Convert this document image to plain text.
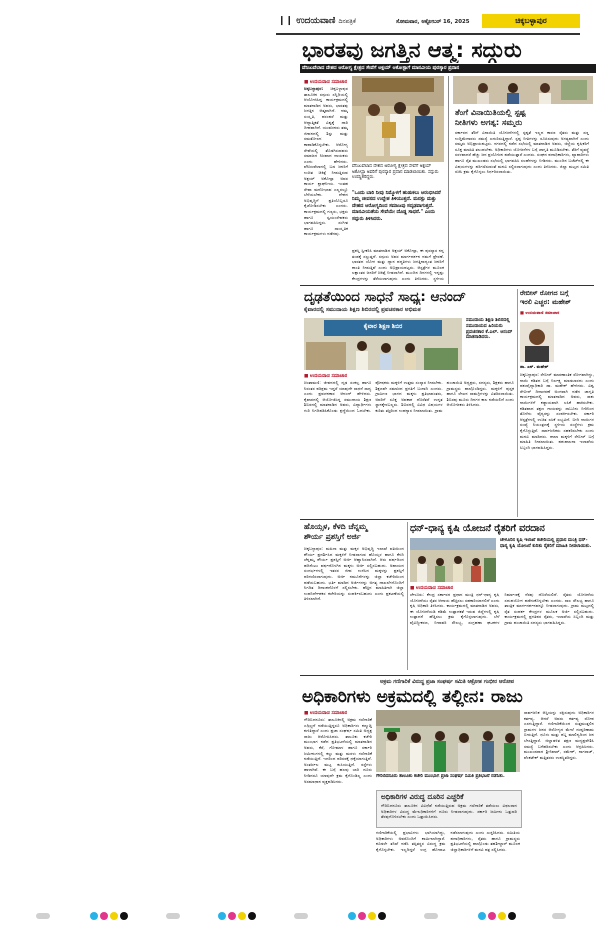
❙❙ ಉದಯವಾಣಿ ದಿನಪತ್ರಿಕೆ	ಸೋಮವಾರ, ಅಕ್ಟೋಬರ್ 16, 2025	ಚಿಕ್ಕಬಳ್ಳಾಪುರ
ಭಾರತವು ಜಗತ್ತಿನ ಆತ್ಮ: ಸದ್ಗುರು
ವೆನಿಜುವೆಲಾದ ದೇಶದ ಆರೋಗ್ಯ ಕ್ಷೇತ್ರದ ಸೇವೆಗೆ ಅಕ್ಷಯ್ ಅಕೋಸ್ಟಾಗೆ ಮಾನವೀಯ ಪುರಸ್ಕಾರ ಪ್ರದಾನ
■ ಉದಯವಾಣಿ ಸಮಾಚಾರ
ಚಿಕ್ಕಬಳ್ಳಾಪುರ: ಚಿಕ್ಕಬಳ್ಳಾಪುರ ತಾಲೂಕಿನ ಸದ್ಗುರು ಸನ್ನಿಧಿಯಲ್ಲಿ ಆಯೋಜಿಸಿದ್ದ ಕಾರ್ಯಕ್ರಮದಲ್ಲಿ ಮಾತನಾಡಿದ ಅವರು, ಭಾರತವು ಜಗತ್ತಿನ ಆತ್ಮವಾಗಿದೆ. ನಮ್ಮ ಸಂಸ್ಕೃತಿ, ಪರಂಪರೆ ಮತ್ತು ಆಧ್ಯಾತ್ಮಿಕತೆ ವಿಶ್ವಕ್ಕೆ ದಾರಿ ದೀಪವಾಗಿದೆ. ಯುವಜನರು ತಮ್ಮ ಜೀವನದಲ್ಲಿ ಶಿಸ್ತು ಮತ್ತು ಸಮತೋಲನ ಕಾಪಾಡಿಕೊಳ್ಳಬೇಕು. ಆರೋಗ್ಯ ಸೇವೆಯಲ್ಲಿ ತೊಡಗಿರುವವರು ಸಮಾಜದ ನಿಜವಾದ ನಾಯಕರು ಎಂದು ಹೇಳಿದರು. ವೆನಿಜುವೆಲಾದಲ್ಲಿ ಬಡ ಜನರಿಗೆ ಉಚಿತ ಚಿಕಿತ್ಸೆ ನೀಡುತ್ತಿರುವ ಅಕ್ಷಯ್ ಅಕೋಸ್ಟಾ ಅವರ ಕಾರ್ಯ ಶ್ಲಾಘನೀಯ. ಇಂತಹ ಸೇವಾ ಮನೋಭಾವ ಎಲ್ಲರಲ್ಲೂ ಬೆಳೆಯಬೇಕು. ದೇಶದ ಅಭಿವೃದ್ಧಿಗೆ ಪ್ರತಿಯೊಬ್ಬರೂ ಕೈಜೋಡಿಸಬೇಕು ಎಂದರು. ಕಾರ್ಯಕ್ರಮದಲ್ಲಿ ಗಣ್ಯರು, ಭಕ್ತರು ಹಾಗೂ ಸ್ವಯಂಸೇವಕರು ಭಾಗವಹಿಸಿದ್ದರು. ಸಂಗೀತ ಹಾಗೂ ಸಾಂಸ್ಕೃತಿಕ ಕಾರ್ಯಕ್ರಮಗಳು ನಡೆದವು.
ವೆನಿಜುವೆಲಾದ ದೇಶದ ಅರೋಗ್ಯ ಕ್ಷೇತ್ರದ ಸೇವೆಗೆ ಅಕ್ಷಯ್ ಅಕೋಸ್ಟಾ ಅವರಿಗೆ ಪುರಸ್ಕಾರ ಪ್ರದಾನ ಮಾಡಲಾಯಿತು. ಸದ್ಗುರು ಉಪಸ್ಥಿತರಿದ್ದರು.
"ಒಂದು ಬಾರಿ ನೀವು ನಿಮ್ಮೊಳಗೆ ಹುಡುಕಲು ಆರಂಭಿಸಿದರೆ ನಿಮ್ಮ ಜೀವನದ ಉದ್ದೇಶ ತಿಳಿಯುತ್ತದೆ. ಮನಸ್ಸು ಮತ್ತು ದೇಹದ ಆರೋಗ್ಯದಿಂದ ಸಮಾಜವು ಸದೃಢವಾಗುತ್ತದೆ. ಮಾನವೀಯತೆಯ ಸೇವೆಯೇ ದೊಡ್ಡ ಸಾಧನೆ." ಎಂದು ಸದ್ಗುರು ತಿಳಿಸಿದರು.
ಪ್ರಶಸ್ತಿ ಸ್ವೀಕರಿಸಿ ಮಾತನಾಡಿದ ಅಕ್ಷಯ್ ಅಕೋಸ್ಟಾ, ಈ ಪುರಸ್ಕಾರ ನನ್ನ ತಂಡಕ್ಕೆ ಸಲ್ಲುತ್ತದೆ. ಸದ್ಗುರು ಅವರ ಮಾರ್ಗದರ್ಶನ ನಮಗೆ ಪ್ರೇರಣೆ. ಭಾರತದ ಯೋಗ ಮತ್ತು ಧ್ಯಾನ ಪದ್ಧತಿಗಳು ಜಗತ್ತಿನಾದ್ಯಂತ ಜನರಿಗೆ ಶಾಂತಿ ನೀಡುತ್ತಿವೆ ಎಂದು ಅಭಿಪ್ರಾಯಪಟ್ಟರು. ಆಸ್ಪತ್ರೆಗಳ ಮೂಲಕ ಲಕ್ಷಾಂತರ ಜನರಿಗೆ ಚಿಕಿತ್ಸೆ ನೀಡಲಾಗಿದೆ. ಮುಂದಿನ ದಿನಗಳಲ್ಲಿ ಇನ್ನಷ್ಟು ಕೇಂದ್ರಗಳನ್ನು ತೆರೆಯಲಾಗುವುದು ಎಂದು ತಿಳಿಸಿದರು. ಸ್ಥಳೀಯ
ತೆಂಗೆ ವಿನಾಯಿತಿಯಲ್ಲಿ ಸ್ಪಷ್ಟ
ನೀತಿಗಳು ಅಗತ್ಯ: ಸಮ್ಮರು
ಸರ್ಕಾರದ ತೆರಿಗೆ ವಿನಾಯಿತಿ ಯೋಜನೆಗಳಲ್ಲಿ ಸ್ಪಷ್ಟತೆ ಇಲ್ಲದ ಕಾರಣ ರೈತರು ಮತ್ತು ಸಣ್ಣ ಉದ್ದಿಮೆದಾರರು ಸಮಸ್ಯೆ ಎದುರಿಸುತ್ತಿದ್ದಾರೆ. ಸ್ಪಷ್ಟ ನೀತಿಗಳನ್ನು ರೂಪಿಸುವುದು ಅಗತ್ಯವಾಗಿದೆ ಎಂದು ಸಮ್ಮರು ಅಭಿಪ್ರಾಯಪಟ್ಟರು. ನಗರದಲ್ಲಿ ನಡೆದ ಸಭೆಯಲ್ಲಿ ಮಾತನಾಡಿದ ಅವರು, ಜಿಲ್ಲೆಯ ಕೃಷಿಕರಿಗೆ ಸೂಕ್ತ ಮಾಹಿತಿ ತಲುಪಬೇಕು. ಅಧಿಕಾರಿಗಳು ಯೋಜನೆಗಳ ಬಗ್ಗೆ ಜಾಗೃತಿ ಮೂಡಿಸಬೇಕು. ತೆರಿಗೆ ವ್ಯವಸ್ಥೆ ಸರಳವಾದರೆ ಹೆಚ್ಚು ಜನ ಪ್ರಯೋಜನ ಪಡೆಯುತ್ತಾರೆ ಎಂದರು. ಸಂಘದ ಪದಾಧಿಕಾರಿಗಳು, ವ್ಯಾಪಾರಿಗಳು ಹಾಗೂ ರೈತ ಮುಖಂಡರು ಸಭೆಯಲ್ಲಿ ಭಾಗವಹಿಸಿ ಸಲಹೆಗಳನ್ನು ನೀಡಿದರು. ಮುಂದಿನ ಬಜೆಟ್‌ನಲ್ಲಿ ಈ ವಿಷಯಗಳನ್ನು ಪರಿಗಣಿಸುವಂತೆ ಮನವಿ ಸಲ್ಲಿಸಲಾಗುವುದು ಎಂದು ತಿಳಿಸಿದರು. ಜಿಲ್ಲಾ ಮಟ್ಟದ ಸಮಿತಿ ರಚಿಸಿ ಕ್ರಮ ಕೈಗೊಳ್ಳಲು ನಿರ್ಧರಿಸಲಾಯಿತು.
ದೃಢತೆಯಿಂದ ಸಾಧನೆ ಸಾಧ್ಯ: ಆನಂದ್
ಕೈವಾರದಲ್ಲಿ ಸಮುದಾಯ ಶಿಕ್ಷಣ ಶಿಬಿರದಲ್ಲಿ ಪ್ರವಚನಕಾರ ಅಭಿಮತ
ಕೈವಾರ ಶಿಕ್ಷಣ ಶಿಬಿರ
ಸಮುದಾಯ ಶಿಕ್ಷಣ ಶಿಬಿರದಲ್ಲಿ ಸಮುದಾಯದ ಹಿರಿಯರು ಪ್ರವಚನಕಾರ ಕೆ.ಎಲ್. ಆನಂದ್ ಮಾತನಾಡಿದರು.
■ ಉದಯವಾಣಿ ಸಮಾಚಾರ
ಚಿಂತಾಮಣಿ: ಜೀವನದಲ್ಲಿ ದೃಢ ಸಂಕಲ್ಪ ಹಾಗೂ ನಿರಂತರ ಪರಿಶ್ರಮ ಇದ್ದರೆ ಯಾವುದೇ ಸಾಧನೆ ಸಾಧ್ಯ ಎಂದು ಪ್ರವಚನಕಾರ ಆನಂದ್ ಹೇಳಿದರು. ಕೈವಾರದಲ್ಲಿ ಆಯೋಜಿಸಿದ್ದ ಸಮುದಾಯ ಶಿಕ್ಷಣ ಶಿಬಿರದಲ್ಲಿ ಮಾತನಾಡಿದ ಅವರು, ವಿದ್ಯಾರ್ಥಿಗಳು ಗುರಿ ನಿಗದಿಪಡಿಸಿಕೊಂಡು ಶ್ರದ್ಧೆಯಿಂದ ಓದಬೇಕು. ಪೋಷಕರು ಮಕ್ಕಳಿಗೆ ಉತ್ತಮ ಸಂಸ್ಕಾರ ನೀಡಬೇಕು. ಶಿಕ್ಷಣವೇ ಸಮಾಜದ ಪ್ರಗತಿಗೆ ಬುನಾದಿ ಎಂದರು. ಗ್ರಾಮೀಣ ಭಾಗದ ಮಕ್ಕಳು ಪ್ರತಿಭಾವಂತರು, ಅವರಿಗೆ ಸೂಕ್ತ ಅವಕಾಶ ದೊರೆತರೆ ಉನ್ನತ ಸ್ಥಾನಕ್ಕೇರಬಲ್ಲರು. ಶಿಬಿರದಲ್ಲಿ ವಿವಿಧ ವಿಷಯಗಳ ಕುರಿತು ತಜ್ಞರಿಂದ ಉಪನ್ಯಾಸ ನೀಡಲಾಯಿತು. ಗ್ರಾಮ ಪಂಚಾಯಿತಿ ಅಧ್ಯಕ್ಷರು, ಸದಸ್ಯರು, ಶಿಕ್ಷಕರು ಹಾಗೂ ಗ್ರಾಮಸ್ಥರು ಪಾಲ್ಗೊಂಡಿದ್ದರು. ಮಕ್ಕಳಿಗೆ ಪುಸ್ತಕ ಹಾಗೂ ಲೇಖನ ಸಾಮಗ್ರಿಗಳನ್ನು ವಿತರಿಸಲಾಯಿತು. ಶಿಬಿರವು ಮೂರು ದಿನಗಳ ಕಾಲ ನಡೆಯಲಿದೆ ಎಂದು ಆಯೋಜಕರು ತಿಳಿಸಿದರು.
ರೇಬೀಸ್ ರೋಗದ ಬಗ್ಗೆ
ಇರಲಿ ಎಚ್ಚರ: ಮಹೇಶ್
■ ಉದಯವಾಣಿ ಸಮಾಚಾರ
ಡಾ. ಎನ್. ಮಹೇಶ್
ಚಿಕ್ಕಬಳ್ಳಾಪುರ: ರೇಬೀಸ್ ಮಾರಣಾಂತಿಕ ರೋಗವಾಗಿದ್ದು, ನಾಯಿ ಕಡಿತದ ಬಗ್ಗೆ ನಿರ್ಲಕ್ಷ್ಯ ಮಾಡಬಾರದು ಎಂದು ಪಶುವೈದ್ಯಾಧಿಕಾರಿ ಡಾ. ಮಹೇಶ್ ಹೇಳಿದರು. ವಿಶ್ವ ರೇಬೀಸ್ ದಿನಾಚರಣೆ ಅಂಗವಾಗಿ ನಡೆದ ಜಾಗೃತಿ ಕಾರ್ಯಕ್ರಮದಲ್ಲಿ ಮಾತನಾಡಿದ ಅವರು, ಸಾಕು ನಾಯಿಗಳಿಗೆ ಕಡ್ಡಾಯವಾಗಿ ಲಸಿಕೆ ಹಾಕಿಸಬೇಕು. ಕಡಿತವಾದ ತಕ್ಷಣ ಗಾಯವನ್ನು ಸಾಬೂನು ನೀರಿನಿಂದ ತೊಳೆದು ವೈದ್ಯರನ್ನು ಸಂಪರ್ಕಿಸಬೇಕು. ಸರ್ಕಾರಿ ಆಸ್ಪತ್ರೆಗಳಲ್ಲಿ ಉಚಿತ ಲಸಿಕೆ ಲಭ್ಯವಿದೆ. ಬೀದಿ ನಾಯಿಗಳ ಸಂಖ್ಯೆ ನಿಯಂತ್ರಣಕ್ಕೆ ಸ್ಥಳೀಯ ಸಂಸ್ಥೆಗಳು ಕ್ರಮ ಕೈಗೊಳ್ಳುತ್ತಿವೆ. ಸಾರ್ವಜನಿಕರು ಸಹಕರಿಸಬೇಕು ಎಂದು ಮನವಿ ಮಾಡಿದರು. ಶಾಲಾ ಮಕ್ಕಳಿಗೆ ರೇಬೀಸ್ ಬಗ್ಗೆ ಮಾಹಿತಿ ನೀಡಲಾಯಿತು. ಪಶುಪಾಲನಾ ಇಲಾಖೆಯ ಸಿಬ್ಬಂದಿ ಭಾಗವಹಿಸಿದ್ದರು.
ಹೊಯ್ಸಳ, ಕೆಳದಿ ಚೆನ್ನಮ್ಮ
ಶೌರ್ಯ ಪ್ರಶಸ್ತಿಗೆ ಅರ್ಜಿ
ಚಿಕ್ಕಬಳ್ಳಾಪುರ: ಮಹಿಳಾ ಮತ್ತು ಮಕ್ಕಳ ಅಭಿವೃದ್ಧಿ ಇಲಾಖೆ ವತಿಯಿಂದ ಶೌರ್ಯ ಪ್ರದರ್ಶಿಸಿದ ಮಕ್ಕಳಿಗೆ ನೀಡಲಾಗುವ ಹೊಯ್ಸಳ ಹಾಗೂ ಕೆಳದಿ ಚೆನ್ನಮ್ಮ ಶೌರ್ಯ ಪ್ರಶಸ್ತಿಗೆ ಅರ್ಜಿ ಆಹ್ವಾನಿಸಲಾಗಿದೆ. ಆರು ವರ್ಷದಿಂದ ಹದಿನೆಂಟು ವರ್ಷದೊಳಗಿನ ಮಕ್ಕಳು ಅರ್ಜಿ ಸಲ್ಲಿಸಬಹುದು. ಅಪಾಯದ ಸಂದರ್ಭಗಳಲ್ಲಿ ಇತರರ ಜೀವ ಉಳಿಸಿದ ಮಕ್ಕಳನ್ನು ಪ್ರಶಸ್ತಿಗೆ ಪರಿಗಣಿಸಲಾಗುವುದು. ಅರ್ಜಿ ನಮೂನೆಗಳನ್ನು ಜಿಲ್ಲಾ ಕಚೇರಿಯಿಂದ ಪಡೆಯಬಹುದು. ಭರ್ತಿ ಮಾಡಿದ ಅರ್ಜಿಗಳನ್ನು ಅಗತ್ಯ ದಾಖಲೆಗಳೊಂದಿಗೆ ನಿಗದಿತ ದಿನಾಂಕದೊಳಗೆ ಸಲ್ಲಿಸಬೇಕು. ಹೆಚ್ಚಿನ ಮಾಹಿತಿಗಾಗಿ ಜಿಲ್ಲಾ ಉಪನಿರ್ದೇಶಕರ ಕಚೇರಿಯನ್ನು ಸಂಪರ್ಕಿಸಬಹುದು ಎಂದು ಪ್ರಕಟಣೆಯಲ್ಲಿ ತಿಳಿಸಲಾಗಿದೆ.
ಧನ್-ಧಾನ್ಯ ಕೃಷಿ ಯೋಜನೆ ರೈತರಿಗೆ ವರದಾನ
ಚೇಳೂರಿನ ಕೃಷಿ ಇಲಾಖೆ ಕಚೇರಿಯಲ್ಲಿ ಪ್ರಧಾನ ಮಂತ್ರಿ ಧನ್-ಧಾನ್ಯ ಕೃಷಿ ಯೋಜನೆ ಕುರಿತು ರೈತರಿಗೆ ಮಾಹಿತಿ ನೀಡಲಾಯಿತು.
■ ಉದಯವಾಣಿ ಸಮಾಚಾರ
ಚೇಳೂರು: ಕೇಂದ್ರ ಸರ್ಕಾರದ ಪ್ರಧಾನ ಮಂತ್ರಿ ಧನ್-ಧಾನ್ಯ ಕೃಷಿ ಯೋಜನೆಯು ರೈತರ ಆದಾಯ ಹೆಚ್ಚಿಸಲು ಸಹಕಾರಿಯಾಗಲಿದೆ ಎಂದು ಕೃಷಿ ಅಧಿಕಾರಿ ತಿಳಿಸಿದರು. ಕಾರ್ಯಕ್ರಮದಲ್ಲಿ ಮಾತನಾಡಿದ ಅವರು, ಈ ಯೋಜನೆಯಡಿ ಕಡಿಮೆ ಉತ್ಪಾದಕತೆ ಇರುವ ಜಿಲ್ಲೆಗಳಲ್ಲಿ ಕೃಷಿ ಉತ್ಪಾದನೆ ಹೆಚ್ಚಿಸಲು ಕ್ರಮ ಕೈಗೊಳ್ಳಲಾಗುವುದು. ಬೆಳೆ ವೈವಿಧ್ಯೀಕರಣ, ನೀರಾವರಿ ಸೌಲಭ್ಯ, ಸಂಗ್ರಹಣಾ ಘಟಕಗಳ ನಿರ್ಮಾಣಕ್ಕೆ ನೆರವು ದೊರೆಯಲಿದೆ. ರೈತರು ಯೋಜನೆಯ ಸದುಪಯೋಗ ಪಡೆದುಕೊಳ್ಳಬೇಕು ಎಂದರು. ಸಾಲ ಸೌಲಭ್ಯ ಹಾಗೂ ತಾಂತ್ರಿಕ ಮಾರ್ಗದರ್ಶನವನ್ನೂ ನೀಡಲಾಗುವುದು. ಗ್ರಾಮ ಮಟ್ಟದಲ್ಲಿ ರೈತ ಸಂಪರ್ಕ ಕೇಂದ್ರಗಳ ಮೂಲಕ ಅರ್ಜಿ ಸಲ್ಲಿಸಬಹುದು. ಕಾರ್ಯಕ್ರಮದಲ್ಲಿ ಪ್ರಗತಿಪರ ರೈತರು, ಇಲಾಖೆಯ ಸಿಬ್ಬಂದಿ ಮತ್ತು ಗ್ರಾಮ ಪಂಚಾಯಿತಿ ಸದಸ್ಯರು ಭಾಗವಹಿಸಿದ್ದರು.
ಅಕ್ರಮ ಗಣಿಗಾರಿಕೆ ವಿರುದ್ಧ ಪ್ರಜಾ ಸಂಘರ್ಷ ಸಮಿತಿ ಆಕ್ರೋಶ ಗಂಭೀರ ಆರೋಪ
ಅಧಿಕಾರಿಗಳು ಅಕ್ರಮದಲ್ಲಿ ತಲ್ಲೀನ: ರಾಜು
■ ಉದಯವಾಣಿ ಸಮಾಚಾರ
ಗೌರಿಬಿದನೂರು: ತಾಲೂಕಿನಲ್ಲಿ ಅಕ್ರಮ ಗಣಿಗಾರಿಕೆ ಎಗ್ಗಿಲ್ಲದೆ ನಡೆಯುತ್ತಿದ್ದರೂ ಅಧಿಕಾರಿಗಳು ಕಣ್ಮುಚ್ಚಿ ಕುಳಿತಿದ್ದಾರೆ ಎಂದು ಪ್ರಜಾ ಸಂಘರ್ಷ ಸಮಿತಿ ಅಧ್ಯಕ್ಷ ರಾಜು ಆರೋಪಿಸಿದರು. ತಾಲೂಕು ಕಚೇರಿ ಮುಂಭಾಗ ನಡೆದ ಪ್ರತಿಭಟನೆಯಲ್ಲಿ ಮಾತನಾಡಿದ ಅವರು, ಕೆರೆ, ಗೋಮಾಳ ಹಾಗೂ ಸರ್ಕಾರಿ ಜಮೀನುಗಳಲ್ಲಿ ಕಲ್ಲು ಮತ್ತು ಮರಳು ಗಣಿಗಾರಿಕೆ ನಡೆಯುತ್ತಿದೆ. ಇದರಿಂದ ಪರಿಸರಕ್ಕೆ ಧಕ್ಕೆಯಾಗುತ್ತಿದೆ. ಅಂತರ್ಜಲ ಮಟ್ಟ ಕುಸಿಯುತ್ತಿದೆ. ರಸ್ತೆಗಳು ಹಾಳಾಗಿವೆ. ಈ ಬಗ್ಗೆ ಹಲವು ಬಾರಿ ದೂರು ನೀಡಿದರೂ ಯಾವುದೇ ಕ್ರಮ ಕೈಗೊಂಡಿಲ್ಲ ಎಂದು ಅಸಮಾಧಾನ ವ್ಯಕ್ತಪಡಿಸಿದರು.
ಗೌರಿಬಿದನೂರು ತಾಲೂಕು ಕಚೇರಿ ಮುಂಭಾಗ ಪ್ರಜಾ ಸಂಘರ್ಷ ಸಮಿತಿ ಪ್ರತಿಭಟನೆ ನಡೆಸಿತು.
ಅಧಿಕಾರಿಗಳ ವಿರುದ್ಧ ದೂರಿನ ಎಚ್ಚರಿಕೆ
ಗೌರಿಬಿದನೂರು ತಾಲೂಕಿನ ವಿವಿಧೆಡೆ ನಡೆಯುತ್ತಿರುವ ಅಕ್ರಮ ಗಣಿಗಾರಿಕೆ ತಡೆಯಲು ವಿಫಲರಾದ ಅಧಿಕಾರಿಗಳ ವಿರುದ್ಧ ಮೇಲಧಿಕಾರಿಗಳಿಗೆ ದೂರು ನೀಡಲಾಗುವುದು. ಸರ್ಕಾರಿ ಜಮೀನು ಒತ್ತುವರಿ ತೆರವುಗೊಳಿಸಬೇಕು ಎಂದು ಒತ್ತಾಯಿಸಿದರು.
ಗಣಿಗಾರಿಕೆಯಲ್ಲಿ ಪ್ರಭಾವಿಗಳು ಭಾಗಿಯಾಗಿದ್ದು, ಅಧಿಕಾರಿಗಳು ಅವರೊಂದಿಗೆ ಶಾಮೀಲಾಗಿದ್ದಾರೆ. ಕೂಡಲೇ ತನಿಖೆ ನಡೆಸಿ ತಪ್ಪಿತಸ್ಥರ ವಿರುದ್ಧ ಕ್ರಮ ಕೈಗೊಳ್ಳಬೇಕು. ಇಲ್ಲದಿದ್ದರೆ ಉಗ್ರ ಹೋರಾಟ ನಡೆಸಲಾಗುವುದು ಎಂದು ಎಚ್ಚರಿಸಿದರು. ಸಮಿತಿಯ ಪದಾಧಿಕಾರಿಗಳು, ರೈತರು ಹಾಗೂ ಗ್ರಾಮಸ್ಥರು ಪ್ರತಿಭಟನೆಯಲ್ಲಿ ಪಾಲ್ಗೊಂಡು ತಹಶೀಲ್ದಾರ್ ಮೂಲಕ ಜಿಲ್ಲಾಧಿಕಾರಿಗಳಿಗೆ ಮನವಿ ಪತ್ರ ಸಲ್ಲಿಸಿದರು.
ಸಾರ್ವಜನಿಕ ಆಸ್ತಿಯನ್ನು ರಕ್ಷಿಸುವುದು ಅಧಿಕಾರಿಗಳ ಕರ್ತವ್ಯ. ಆದರೆ ಅವರು ಕರ್ತವ್ಯ ಲೋಪ ಎಸಗುತ್ತಿದ್ದಾರೆ. ಗಣಿಗಾರಿಕೆಯಿಂದ ಸುತ್ತಮುತ್ತಲಿನ ಗ್ರಾಮಗಳ ಜನರ ಆರೋಗ್ಯದ ಮೇಲೆ ದುಷ್ಪರಿಣಾಮ ಬೀರುತ್ತಿದೆ. ಧೂಳು ಮತ್ತು ಶಬ್ದ ಮಾಲಿನ್ಯದಿಂದ ಜನ ಬೇಸತ್ತಿದ್ದಾರೆ. ಜಿಲ್ಲಾಡಳಿತ ತಕ್ಷಣ ಮಧ್ಯಪ್ರವೇಶಿಸಿ ಸಮಸ್ಯೆ ಬಗೆಹರಿಸಬೇಕು ಎಂದು ಆಗ್ರಹಿಸಿದರು. ಮುಖಂಡರಾದ ಶ್ರೀನಿವಾಸ್, ರಮೇಶ್, ನಾಗರಾಜ್, ವೆಂಕಟೇಶ್ ಮತ್ತಿತರರು ಉಪಸ್ಥಿತರಿದ್ದರು.
